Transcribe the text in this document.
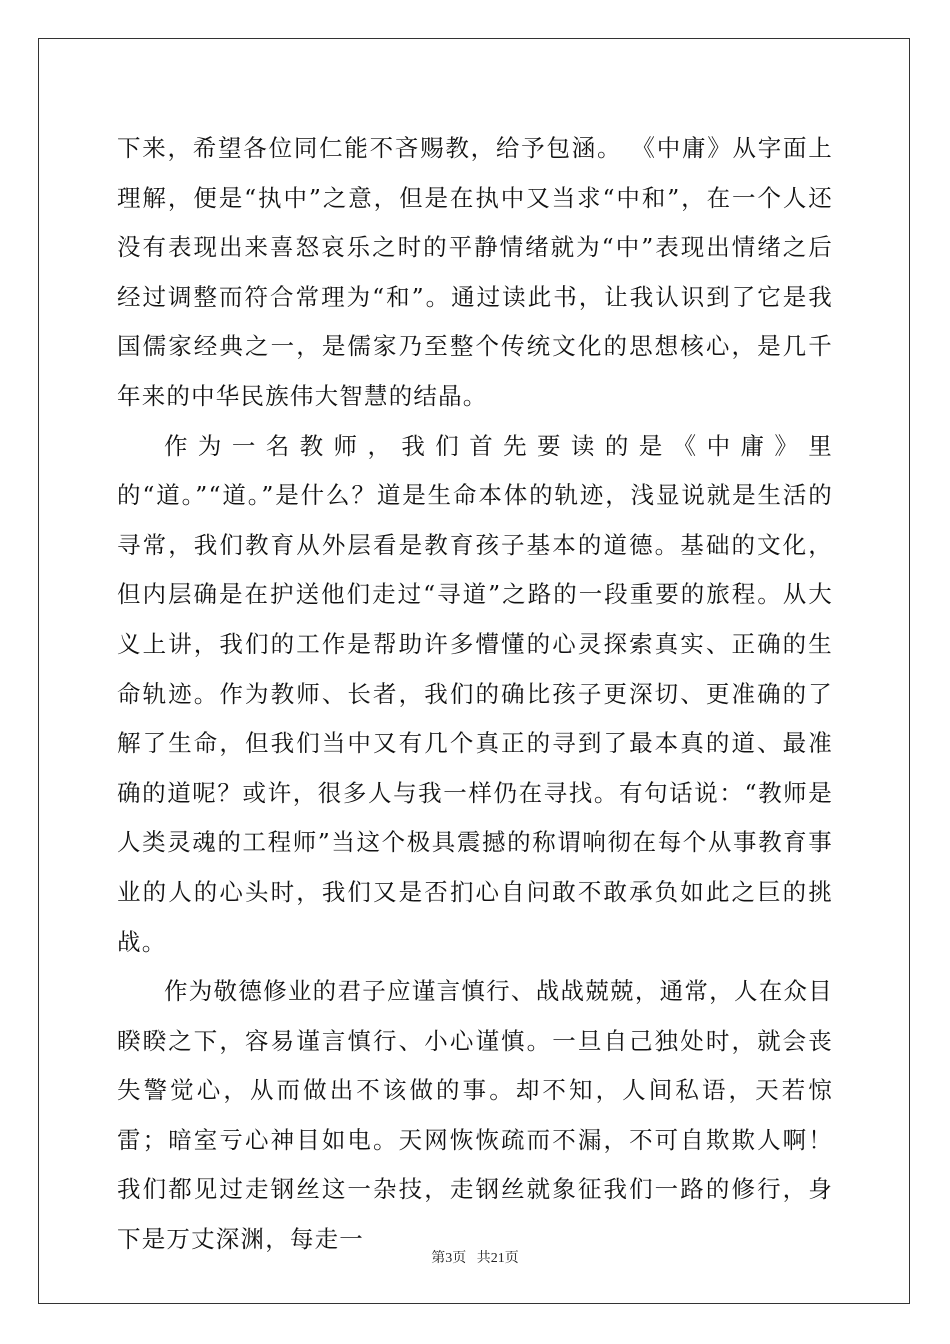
下来，希望各位同仁能不吝赐教，给予包涵。 《中庸》从字面上理解，便是“执中”之意，但是在执中又当求“中和”，在一个人还没有表现出来喜怒哀乐之时的平静情绪就为“中”表现出情绪之后经过调整而符合常理为“和”。通过读此书，让我认识到了它是我国儒家经典之一，是儒家乃至整个传统文化的思想核心，是几千年来的中华民族伟大智慧的结晶。

作为一名教师，我们首先要读的是《中庸》里的“道。”“道。”是什么？道是生命本体的轨迹，浅显说就是生活的寻常，我们教育从外层看是教育孩子基本的道德。基础的文化，但内层确是在护送他们走过“寻道”之路的一段重要的旅程。从大义上讲，我们的工作是帮助许多懵懂的心灵探索真实、正确的生命轨迹。作为教师、长者，我们的确比孩子更深切、更准确的了解了生命，但我们当中又有几个真正的寻到了最本真的道、最准确的道呢？或许，很多人与我一样仍在寻找。有句话说：“教师是人类灵魂的工程师”当这个极具震撼的称谓响彻在每个从事教育事业的人的心头时，我们又是否扪心自问敢不敢承负如此之巨的挑战。

作为敬德修业的君子应谨言慎行、战战兢兢，通常，人在众目睽睽之下，容易谨言慎行、小心谨慎。一旦自己独处时，就会丧失警觉心，从而做出不该做的事。却不知，人间私语，天若惊雷；暗室亏心神目如电。天网恢恢疏而不漏，不可自欺欺人啊！我们都见过走钢丝这一杂技，走钢丝就象征我们一路的修行，身下是万丈深渊，每走一

第3页 共21页
